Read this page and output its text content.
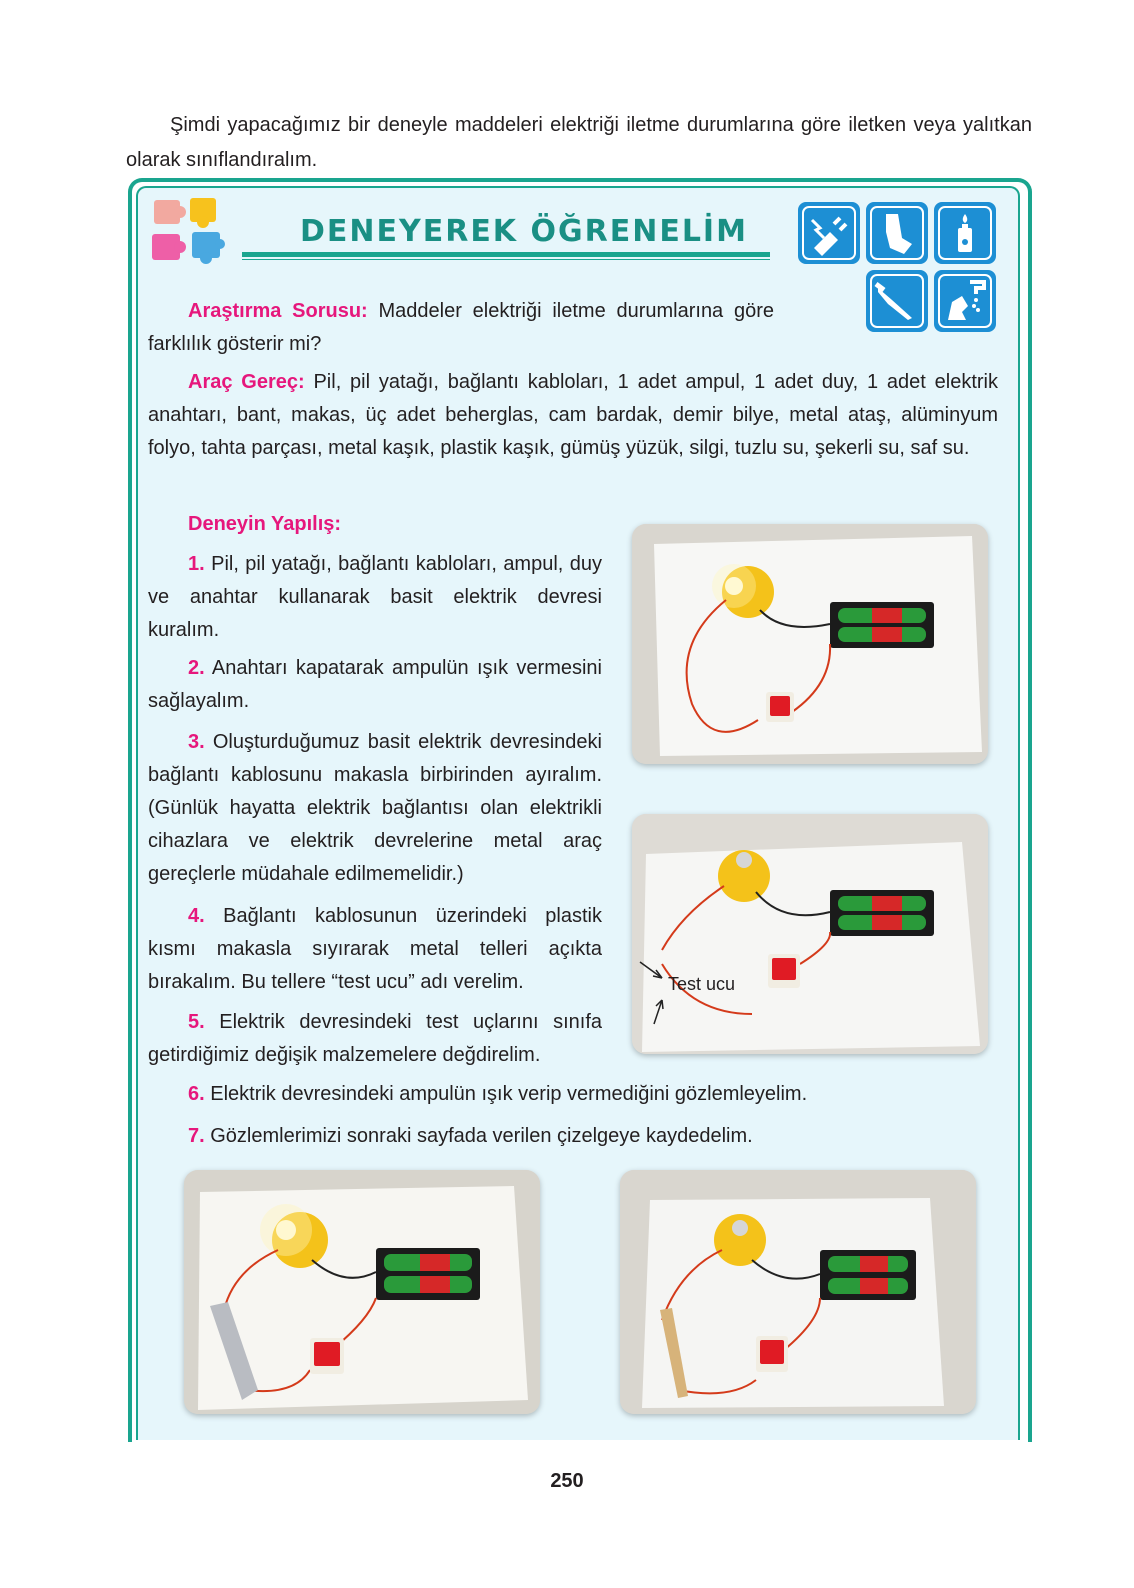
Şimdi yapacağımız bir deneyle maddeleri elektriği iletme durumlarına göre iletken veya yalıtkan olarak sınıflandıralım.

DENEYEREK ÖĞRENELİM
Araştırma Sorusu: Maddeler elektriği iletme durumlarına göre farklılık gösterir mi?
Araç Gereç: Pil, pil yatağı, bağlantı kabloları, 1 adet ampul, 1 adet duy, 1 adet elektrik anahtarı, bant, makas, üç adet beherglas, cam bardak, demir bilye, metal ataş, alüminyum folyo, tahta parçası, metal kaşık, plastik kaşık, gümüş yüzük, silgi, tuzlu su, şekerli su, saf su.
Deneyin Yapılış:
1. Pil, pil yatağı, bağlantı kabloları, ampul, duy ve anahtar kullanarak basit elektrik devresi kuralım.
2. Anahtarı kapatarak ampulün ışık vermesini sağlayalım.
3. Oluşturduğumuz basit elektrik devresindeki bağlantı kablosunu makasla birbirinden ayıralım. (Günlük hayatta elektrik bağlantısı olan elektrikli cihazlara ve elektrik devrelerine metal araç gereçlerle müdahale edilmemelidir.)
4. Bağlantı kablosunun üzerindeki plastik kısmı makasla sıyırarak metal telleri açıkta bırakalım. Bu tellere “test ucu” adı verelim.
5. Elektrik devresindeki test uçlarını sınıfa getirdiğimiz değişik malzemelere değdirelim.
6. Elektrik devresindeki ampulün ışık verip vermediğini gözlemleyelim.
7. Gözlemlerimizi sonraki sayfada verilen çizelgeye kaydedelim.
Test ucu
250
